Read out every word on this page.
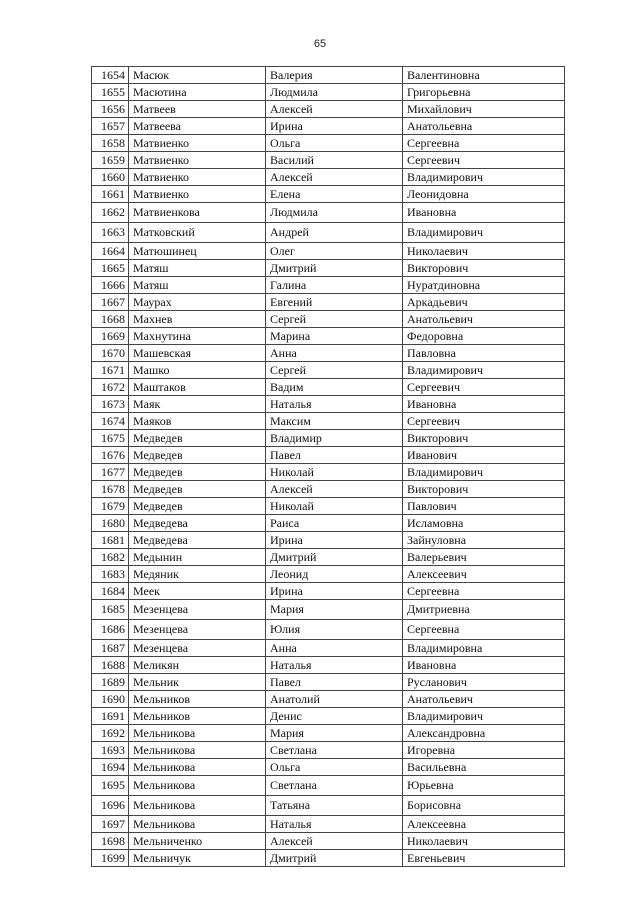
65
1654	Масюк	Валерия	Валентиновна
1655	Масютина	Людмила	Григорьевна
1656	Матвеев	Алексей	Михайлович
1657	Матвеева	Ирина	Анатольевна
1658	Матвиенко	Ольга	Сергеевна
1659	Матвиенко	Василий	Сергеевич
1660	Матвиенко	Алексей	Владимирович
1661	Матвиенко	Елена	Леонидовна
1662	Матвиенкова	Людмила	Ивановна
1663	Матковский	Андрей	Владимирович
1664	Матюшинец	Олег	Николаевич
1665	Матяш	Дмитрий	Викторович
1666	Матяш	Галина	Нуратдиновна
1667	Маурах	Евгений	Аркадьевич
1668	Махнев	Сергей	Анатольевич
1669	Махнутина	Марина	Федоровна
1670	Машевская	Анна	Павловна
1671	Машко	Сергей	Владимирович
1672	Маштаков	Вадим	Сергеевич
1673	Маяк	Наталья	Ивановна
1674	Маяков	Максим	Сергеевич
1675	Медведев	Владимир	Викторович
1676	Медведев	Павел	Иванович
1677	Медведев	Николай	Владимирович
1678	Медведев	Алексей	Викторович
1679	Медведев	Николай	Павлович
1680	Медведева	Раиса	Исламовна
1681	Медведева	Ирина	Зайнуловна
1682	Медынин	Дмитрий	Валерьевич
1683	Медяник	Леонид	Алексеевич
1684	Меек	Ирина	Сергеевна
1685	Мезенцева	Мария	Дмитриевна
1686	Мезенцева	Юлия	Сергеевна
1687	Мезенцева	Анна	Владимировна
1688	Меликян	Наталья	Ивановна
1689	Мельник	Павел	Русланович
1690	Мельников	Анатолий	Анатольевич
1691	Мельников	Денис	Владимирович
1692	Мельникова	Мария	Александровна
1693	Мельникова	Светлана	Игоревна
1694	Мельникова	Ольга	Васильевна
1695	Мельникова	Светлана	Юрьевна
1696	Мельникова	Татьяна	Борисовна
1697	Мельникова	Наталья	Алексеевна
1698	Мельниченко	Алексей	Николаевич
1699	Мельничук	Дмитрий	Евгеньевич
